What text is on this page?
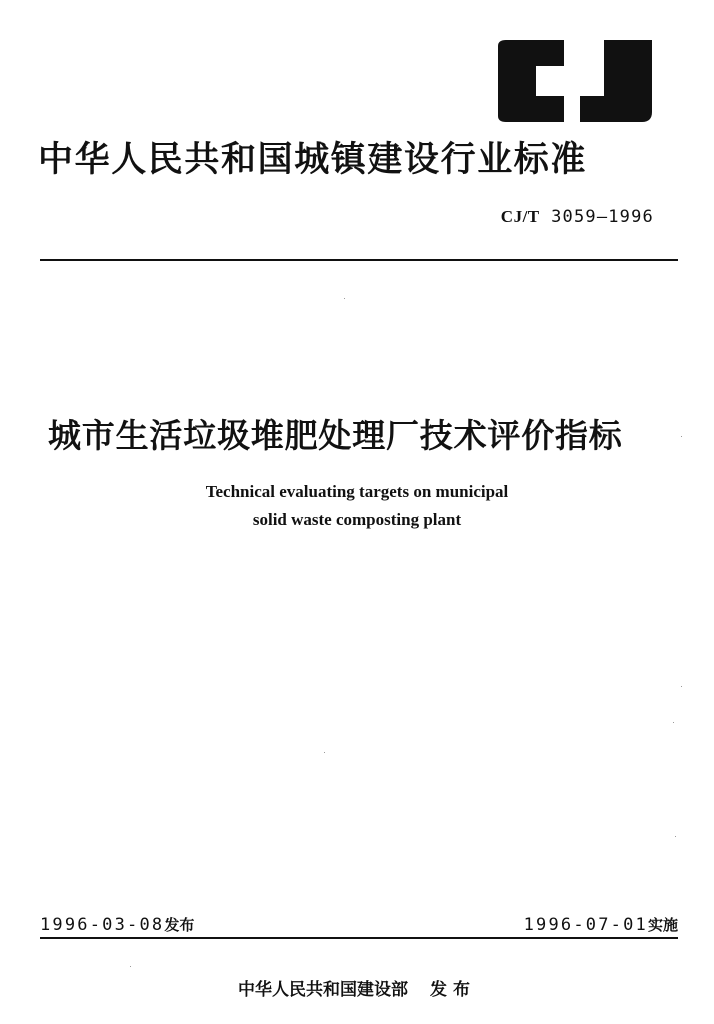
中华人民共和国城镇建设行业标准
CJ/T 3059—1996
城市生活垃圾堆肥处理厂技术评价指标
Technical evaluating targets on municipal
solid waste composting plant
1996-03-08发布	1996-07-01实施
中华人民共和国建设部 发布
